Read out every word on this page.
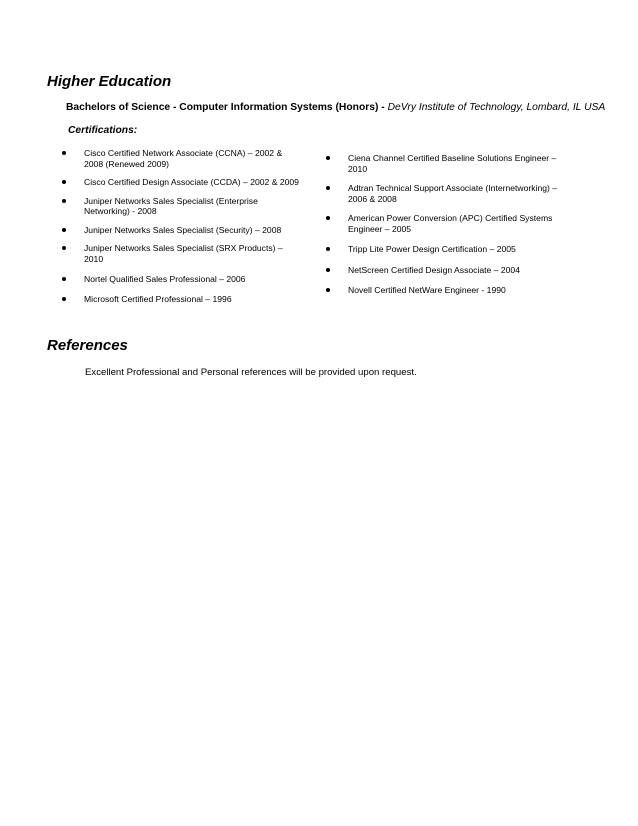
Higher Education
Bachelors of Science - Computer Information Systems (Honors) - DeVry Institute of Technology, Lombard, IL USA
Certifications:
Cisco Certified Network Associate (CCNA) – 2002 & 2008 (Renewed 2009)
Cisco Certified Design Associate (CCDA) – 2002 & 2009
Juniper Networks Sales Specialist (Enterprise Networking) - 2008
Juniper Networks Sales Specialist (Security) – 2008
Juniper Networks Sales Specialist (SRX Products) – 2010
Nortel Qualified Sales Professional – 2006
Microsoft Certified Professional – 1996
Ciena Channel Certified Baseline Solutions Engineer – 2010
Adtran Technical Support Associate (Internetworking) – 2006 & 2008
American Power Conversion (APC) Certified Systems Engineer – 2005
Tripp Lite Power Design Certification – 2005
NetScreen Certified Design Associate – 2004
Novell Certified NetWare Engineer - 1990
References
Excellent Professional and Personal references will be provided upon request.
